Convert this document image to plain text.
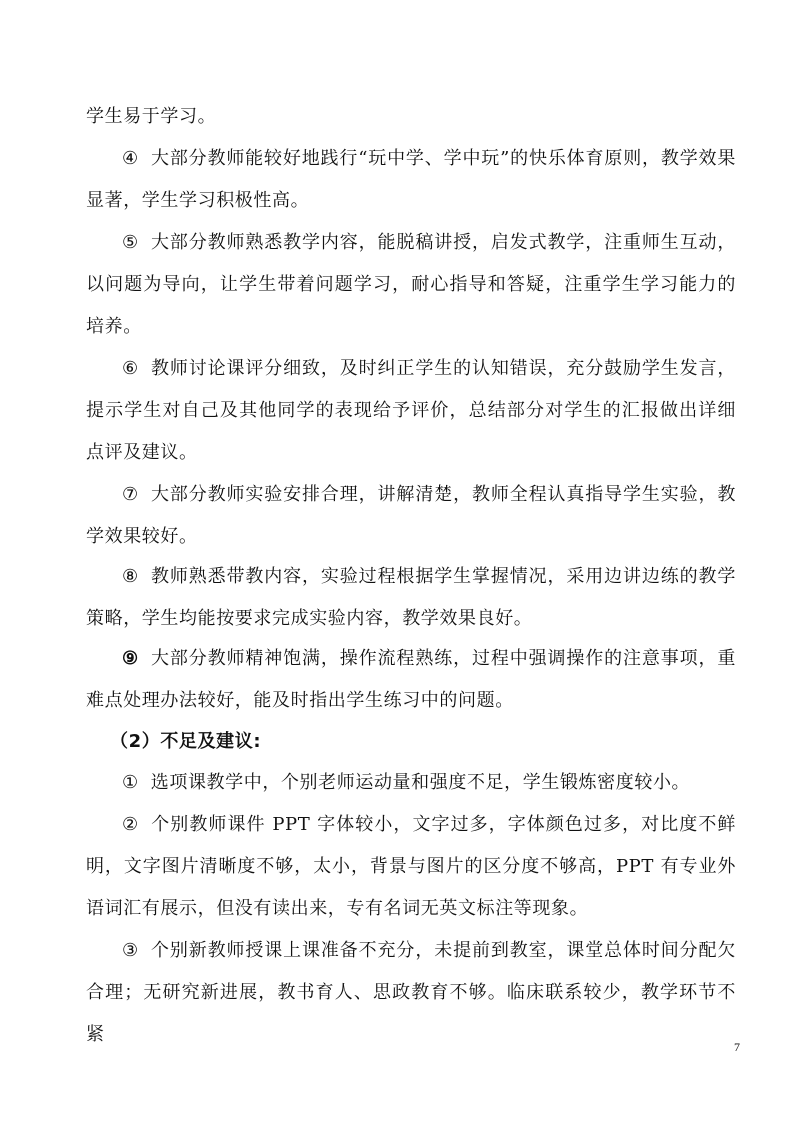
学生易于学习。
④ 大部分教师能较好地践行“玩中学、学中玩”的快乐体育原则，教学效果显著，学生学习积极性高。
⑤ 大部分教师熟悉教学内容，能脱稿讲授，启发式教学，注重师生互动，以问题为导向，让学生带着问题学习，耐心指导和答疑，注重学生学习能力的培养。
⑥ 教师讨论课评分细致，及时纠正学生的认知错误，充分鼓励学生发言，提示学生对自己及其他同学的表现给予评价，总结部分对学生的汇报做出详细点评及建议。
⑦ 大部分教师实验安排合理，讲解清楚，教师全程认真指导学生实验，教学效果较好。
⑧ 教师熟悉带教内容，实验过程根据学生掌握情况，采用边讲边练的教学策略，学生均能按要求完成实验内容，教学效果良好。
⑨ 大部分教师精神饱满，操作流程熟练，过程中强调操作的注意事项，重难点处理办法较好，能及时指出学生练习中的问题。
（2）不足及建议:
① 选项课教学中，个别老师运动量和强度不足，学生锻炼密度较小。
② 个别教师课件 PPT 字体较小，文字过多，字体颜色过多，对比度不鲜明，文字图片清晰度不够，太小，背景与图片的区分度不够高，PPT 有专业外语词汇有展示，但没有读出来，专有名词无英文标注等现象。
③ 个别新教师授课上课准备不充分，未提前到教室，课堂总体时间分配欠合理；无研究新进展，教书育人、思政教育不够。临床联系较少，教学环节不紧
7
